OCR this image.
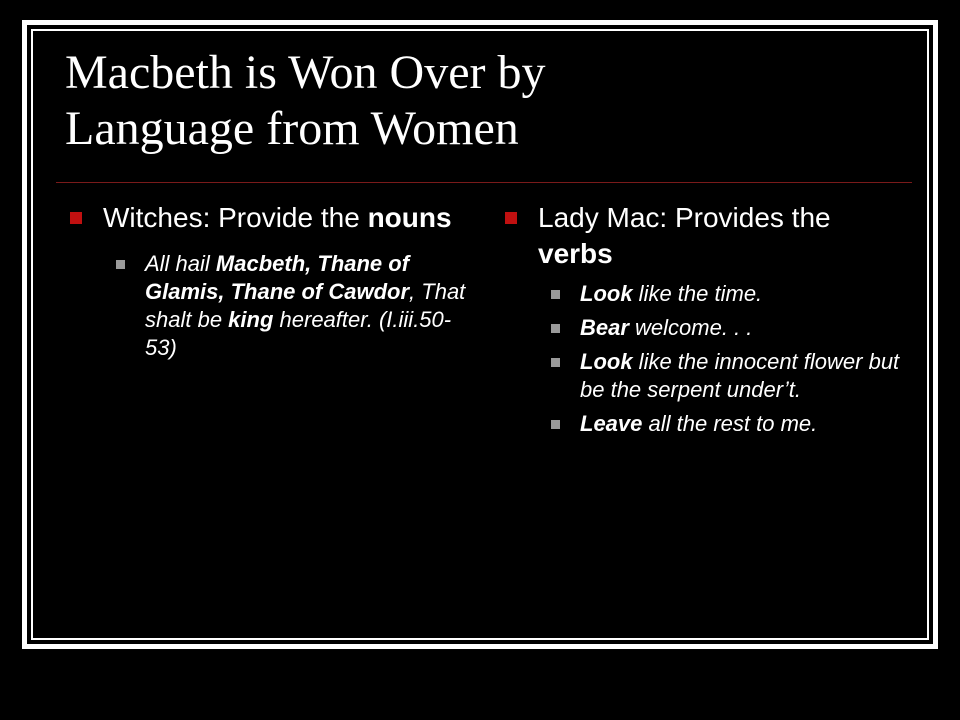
Macbeth is Won Over by
Language from Women
Witches: Provide the nouns
All hail Macbeth, Thane of Glamis, Thane of Cawdor, That shalt be king hereafter. (I.iii.50-53)
Lady Mac: Provides the verbs
Look like the time.
Bear welcome. . .
Look like the innocent flower but be the serpent under’t.
Leave all the rest to me.
